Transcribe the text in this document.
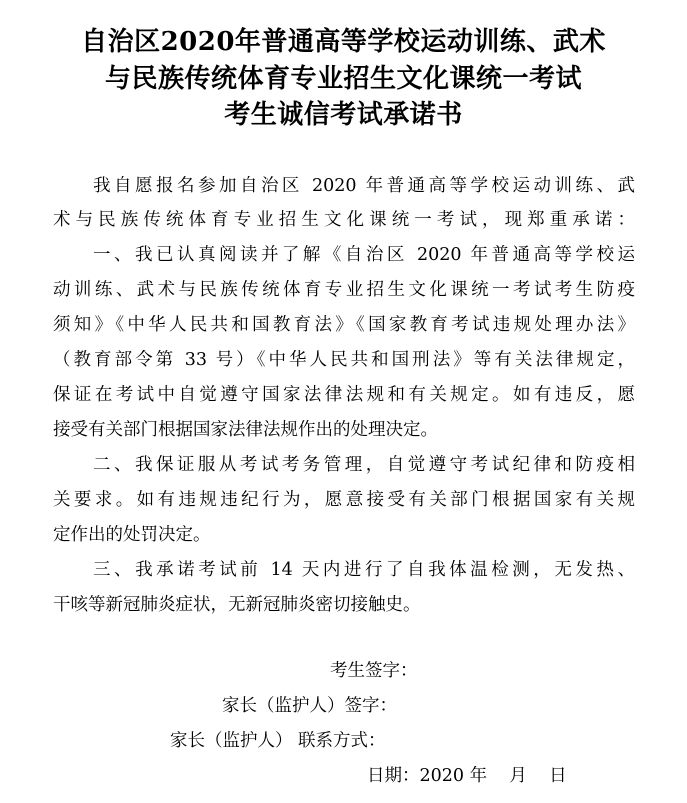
自治区2020年普通高等学校运动训练、武术
与民族传统体育专业招生文化课统一考试
考生诚信考试承诺书
我自愿报名参加自治区 2020 年普通高等学校运动训练、武
术与民族传统体育专业招生文化课统一考试，现郑重承诺：
一、我已认真阅读并了解《自治区 2020 年普通高等学校运
动训练、武术与民族传统体育专业招生文化课统一考试考生防疫
须知》《中华人民共和国教育法》《国家教育考试违规处理办法》
（教育部令第 33 号）《中华人民共和国刑法》等有关法律规定，
保证在考试中自觉遵守国家法律法规和有关规定。如有违反，愿
接受有关部门根据国家法律法规作出的处理决定。
二、我保证服从考试考务管理，自觉遵守考试纪律和防疫相
关要求。如有违规违纪行为，愿意接受有关部门根据国家有关规
定作出的处罚决定。
三、我承诺考试前 14 天内进行了自我体温检测，无发热、
干咳等新冠肺炎症状，无新冠肺炎密切接触史。
考生签字：
家长（监护人）签字：
家长（监护人） 联系方式：
日期：2020 年    月    日
